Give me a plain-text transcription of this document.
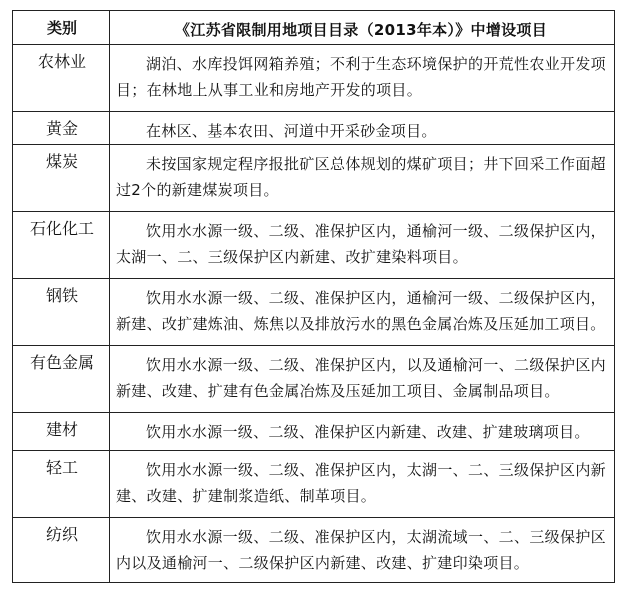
类别	《江苏省限制用地项目目录（2013年本）》中增设项目
农林业	湖泊、水库投饵网箱养殖；不利于生态环境保护的开荒性农业开发项目；在林地上从事工业和房地产开发的项目。
黄金	在林区、基本农田、河道中开采砂金项目。
煤炭	未按国家规定程序报批矿区总体规划的煤矿项目；井下回采工作面超过2个的新建煤炭项目。
石化化工	饮用水水源一级、二级、准保护区内，通榆河一级、二级保护区内，太湖一、二、三级保护区内新建、改扩建染料项目。
钢铁	饮用水水源一级、二级、准保护区内，通榆河一级、二级保护区内，新建、改扩建炼油、炼焦以及排放污水的黑色金属冶炼及压延加工项目。
有色金属	饮用水水源一级、二级、准保护区内，以及通榆河一、二级保护区内新建、改建、扩建有色金属冶炼及压延加工项目、金属制品项目。
建材	饮用水水源一级、二级、准保护区内新建、改建、扩建玻璃项目。
轻工	饮用水水源一级、二级、准保护区内，太湖一、二、三级保护区内新建、改建、扩建制浆造纸、制革项目。
纺织	饮用水水源一级、二级、准保护区内，太湖流域一、二、三级保护区内以及通榆河一、二级保护区内新建、改建、扩建印染项目。
